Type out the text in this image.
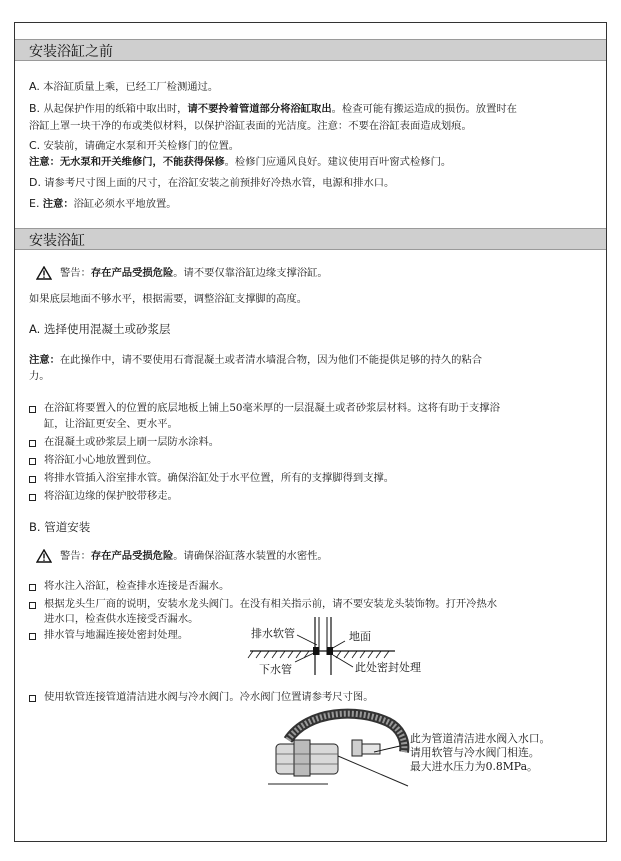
安装浴缸之前
A. 本浴缸质量上乘，已经工厂检测通过。
B. 从起保护作用的纸箱中取出时，请不要拎着管道部分将浴缸取出。检查可能有搬运造成的损伤。放置时在
浴缸上罩一块干净的布或类似材料，以保护浴缸表面的光洁度。注意：不要在浴缸表面造成划痕。
C. 安装前，请确定水泵和开关检修门的位置。
注意：无水泵和开关维修门，不能获得保修。检修门应通风良好。建议使用百叶窗式检修门。
D. 请参考尺寸图上面的尺寸，在浴缸安装之前预排好冷热水管，电源和排水口。
E. 注意：浴缸必须水平地放置。
安装浴缸
警告：存在产品受损危险。请不要仅靠浴缸边缘支撑浴缸。
如果底层地面不够水平，根据需要，调整浴缸支撑脚的高度。
A. 选择使用混凝土或砂浆层
注意：在此操作中，请不要使用石膏混凝土或者清水墙混合物，因为他们不能提供足够的持久的粘合
力。
在浴缸将要置入的位置的底层地板上铺上50毫米厚的一层混凝土或者砂浆层材料。这将有助于支撑浴
缸，让浴缸更安全、更水平。
在混凝土或砂浆层上刷一层防水涂料。
将浴缸小心地放置到位。
将排水管插入浴室排水管。确保浴缸处于水平位置，所有的支撑脚得到支撑。
将浴缸边缘的保护胶带移走。
B. 管道安装
警告：存在产品受损危险。请确保浴缸落水装置的水密性。
将水注入浴缸，检查排水连接是否漏水。
根据龙头生厂商的说明，安装水龙头阀门。在没有相关指示前，请不要安装龙头装饰物。打开冷热水
进水口，检查供水连接受否漏水。
排水管与地漏连接处密封处理。	排水软管	地面
下水管	此处密封处理
使用软管连接管道清洁进水阀与冷水阀门。冷水阀门位置请参考尺寸图。
此为管道清洁进水阀入水口。
请用软管与冷水阀门相连。
最大进水压力为0.8MPa。
